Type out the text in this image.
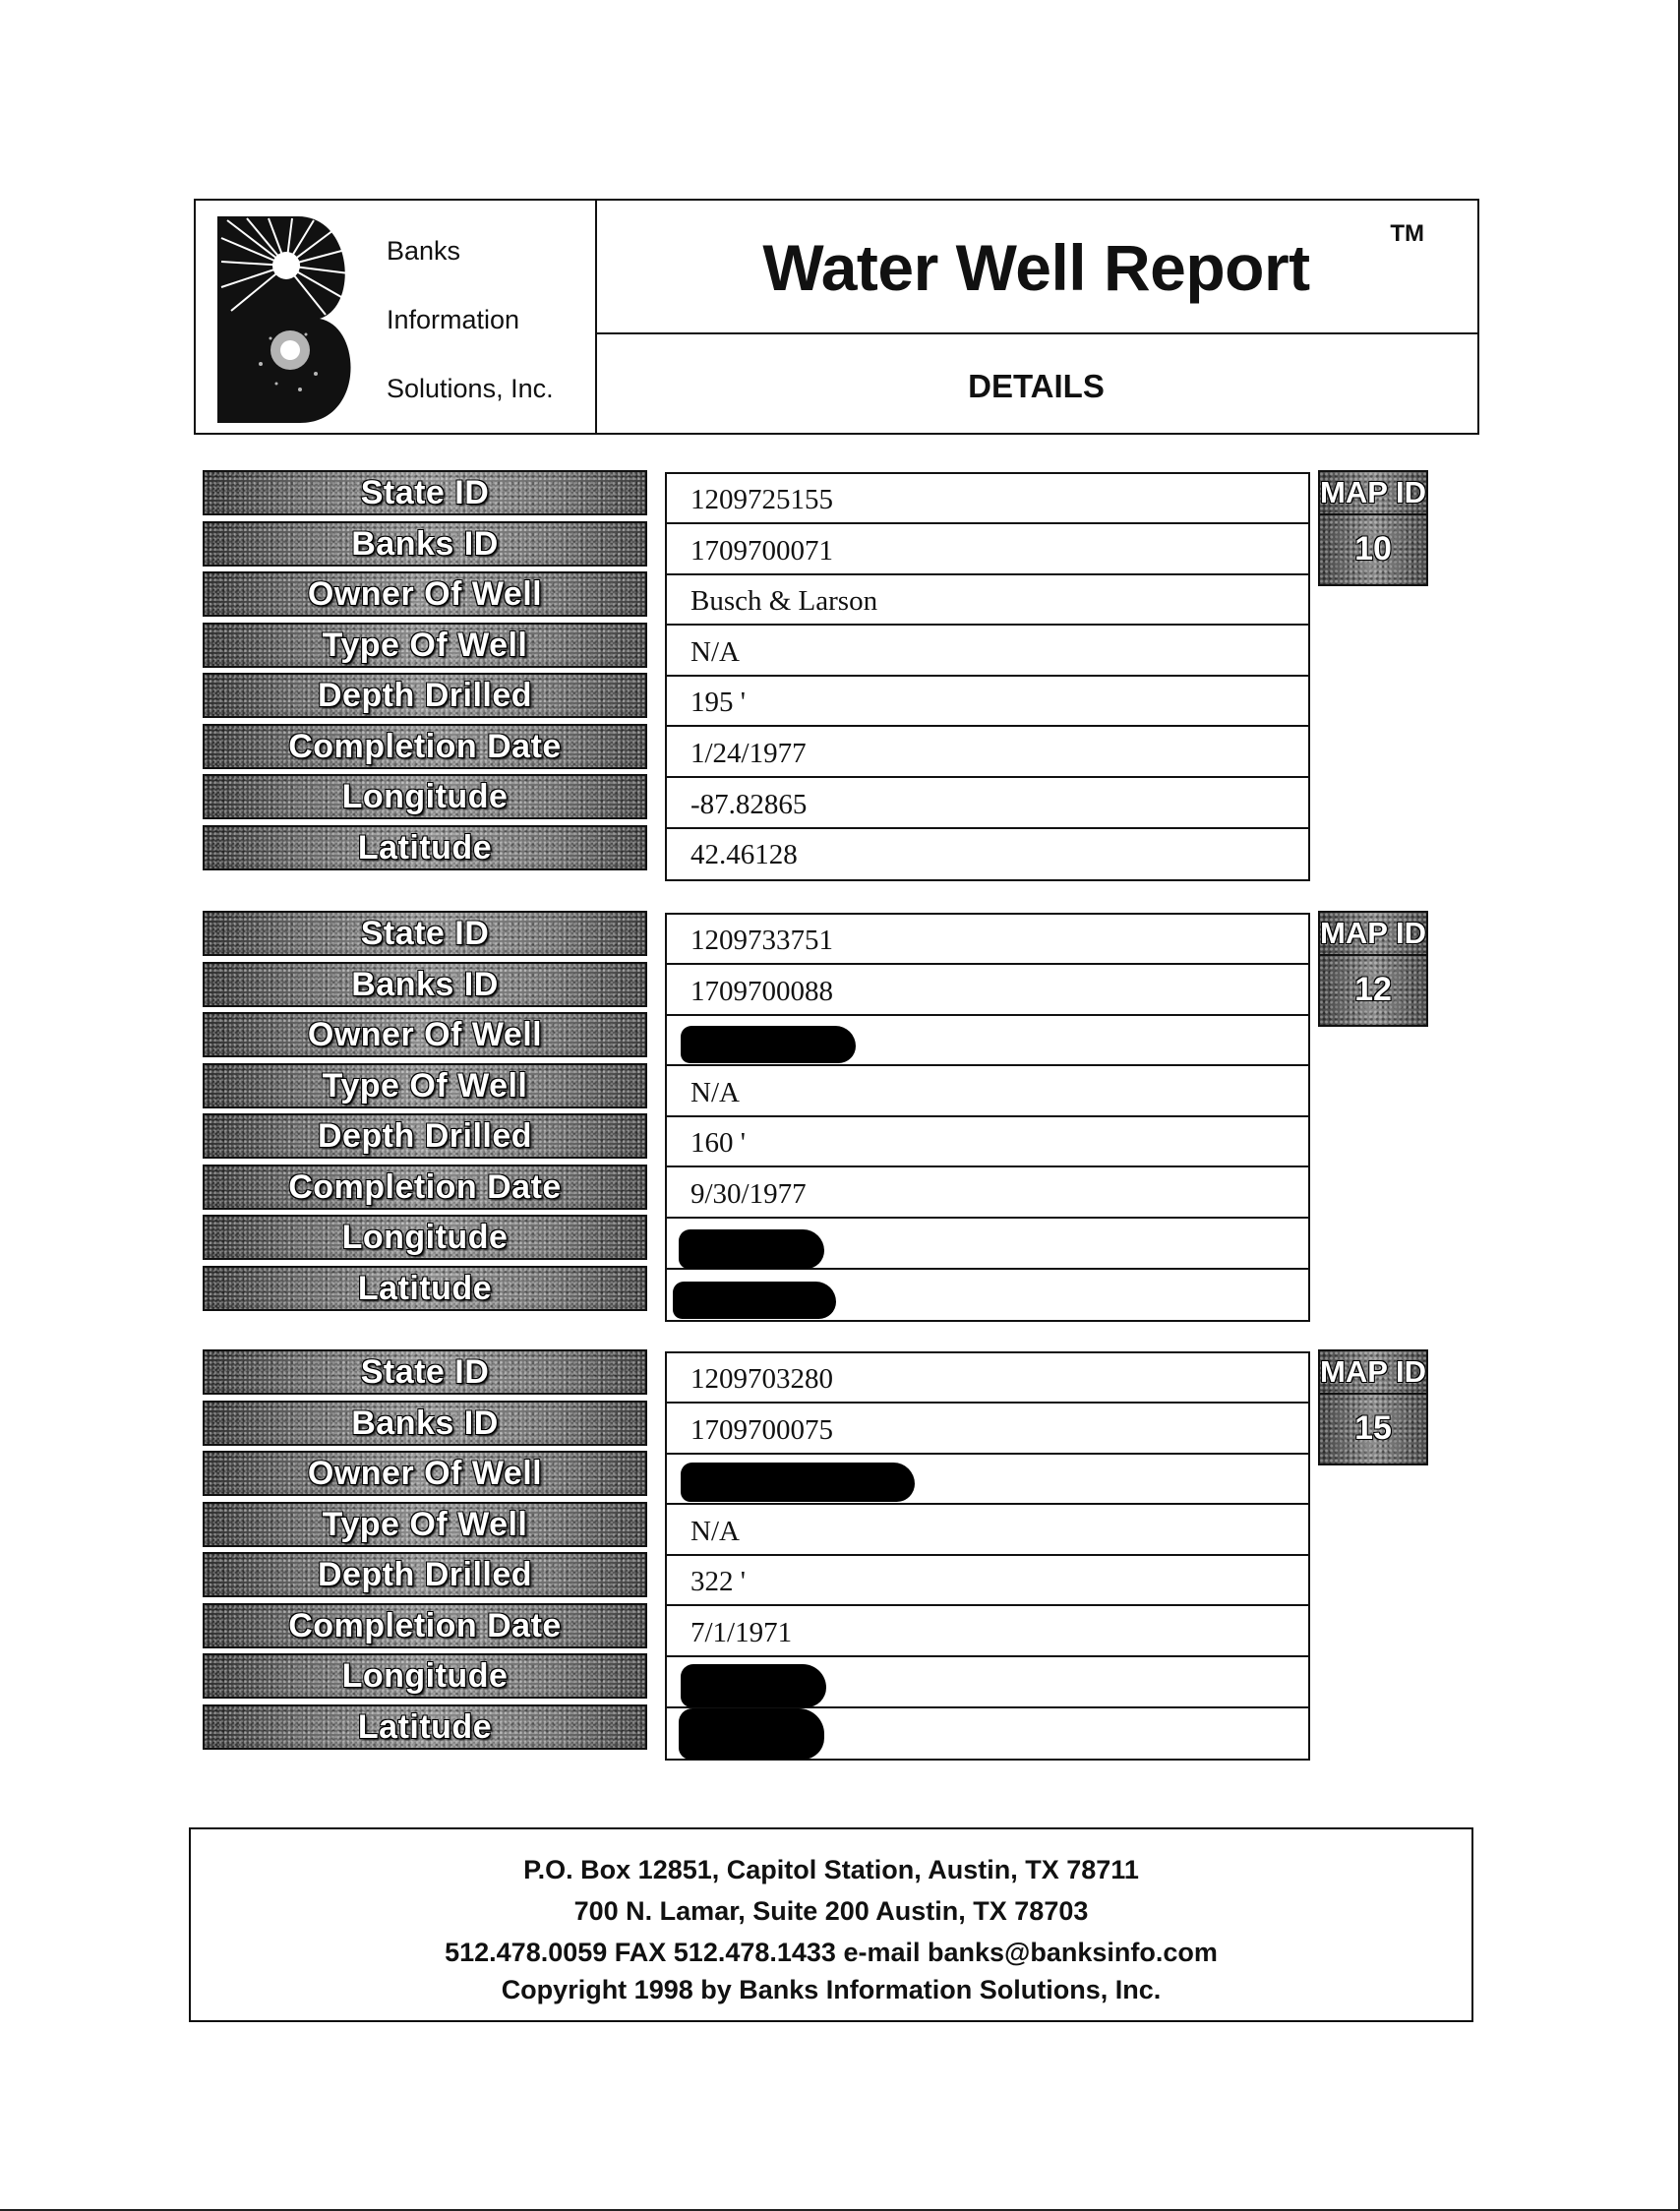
Banks
Information
Solutions, Inc.
Water Well Report	TM
DETAILS
State ID
Banks ID
Owner Of Well
Type Of Well
Depth Drilled
Completion Date
Longitude
Latitude
1209725155
1709700071
Busch & Larson
N/A
195 '
1/24/1977
-87.82865
42.46128
MAP ID
10
State ID
Banks ID
Owner Of Well
Type Of Well
Depth Drilled
Completion Date
Longitude
Latitude
1209733751
1709700088
N/A
160 '
9/30/1977
MAP ID
12
State ID
Banks ID
Owner Of Well
Type Of Well
Depth Drilled
Completion Date
Longitude
Latitude
1209703280
1709700075
N/A
322 '
7/1/1971
MAP ID
15
P.O. Box 12851, Capitol Station, Austin, TX 78711
700 N. Lamar, Suite 200 Austin, TX 78703
512.478.0059 FAX 512.478.1433 e-mail banks@banksinfo.com
Copyright 1998 by Banks Information Solutions, Inc.
